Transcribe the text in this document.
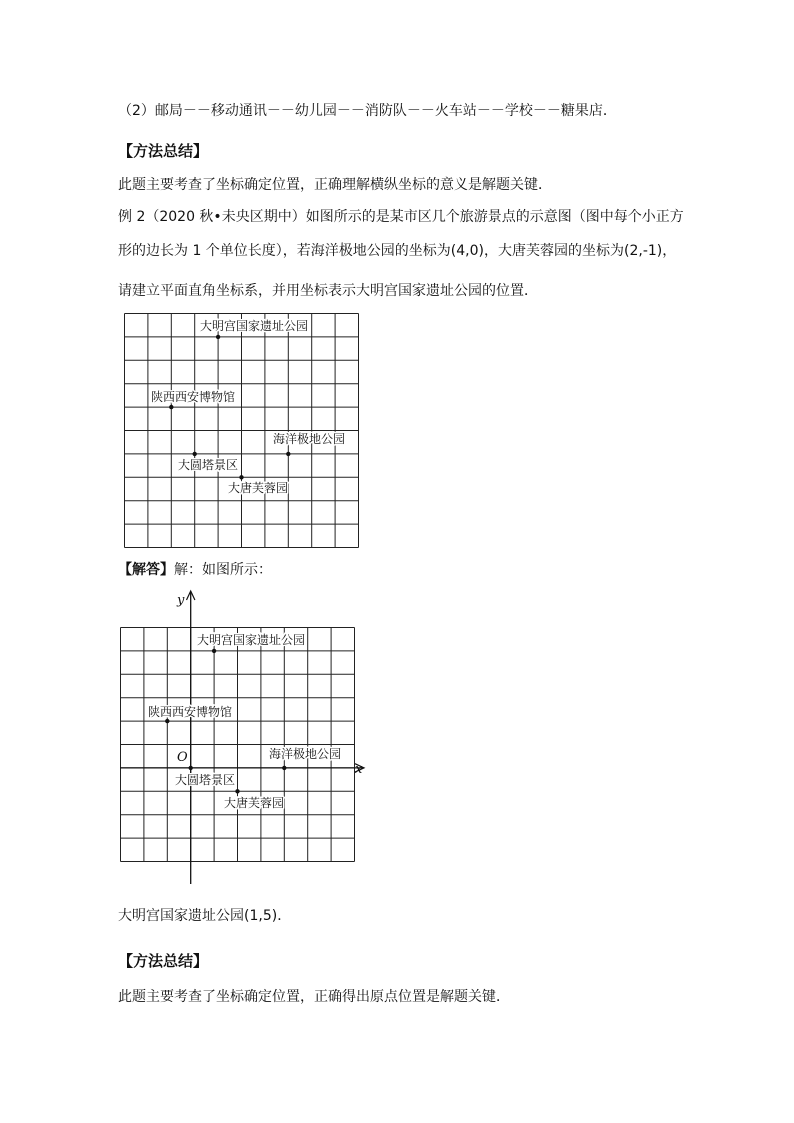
（2）邮局－－移动通讯－－幼儿园－－消防队－－火车站－－学校－－糖果店．
【方法总结】
此题主要考查了坐标确定位置，正确理解横纵坐标的意义是解题关键．
例 2（2020 秋•未央区期中）如图所示的是某市区几个旅游景点的示意图（图中每个小正方
形的边长为 1 个单位长度），若海洋极地公园的坐标为(4,0)，大唐芙蓉园的坐标为(2,-1)，
请建立平面直角坐标系，并用坐标表示大明宫国家遗址公园的位置．
大明宫国家遗址公园
陕西西安博物馆
海洋极地公园
大圆塔景区
大唐芙蓉园
【解答】解：如图所示：
y
x
O
大明宫国家遗址公园
陕西西安博物馆
海洋极地公园
大圆塔景区
大唐芙蓉园
大明宫国家遗址公园(1,5)．
【方法总结】
此题主要考查了坐标确定位置，正确得出原点位置是解题关键．
